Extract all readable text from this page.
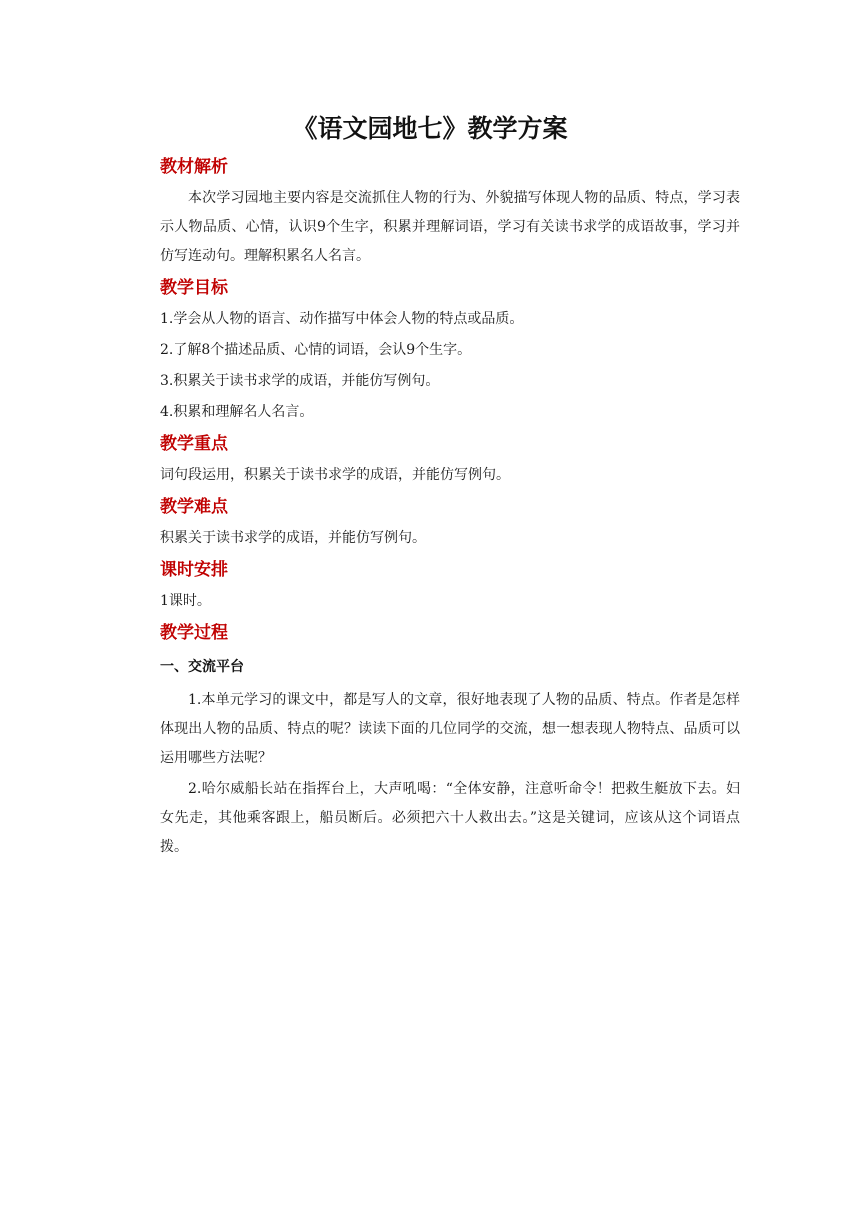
《语文园地七》教学方案
教材解析

本次学习园地主要内容是交流抓住人物的行为、外貌描写体现人物的品质、特点，学习表示人物品质、心情，认识9个生字，积累并理解词语，学习有关读书求学的成语故事，学习并仿写连动句。理解积累名人名言。

教学目标
1.学会从人物的语言、动作描写中体会人物的特点或品质。
2.了解8个描述品质、心情的词语，会认9个生字。
3.积累关于读书求学的成语，并能仿写例句。
4.积累和理解名人名言。
教学重点
词句段运用，积累关于读书求学的成语，并能仿写例句。
教学难点
积累关于读书求学的成语，并能仿写例句。
课时安排
1课时。
教学过程
一、交流平台

1.本单元学习的课文中，都是写人的文章，很好地表现了人物的品质、特点。作者是怎样体现出人物的品质、特点的呢？读读下面的几位同学的交流，想一想表现人物特点、品质可以运用哪些方法呢？

2.哈尔威船长站在指挥台上，大声吼喝：“全体安静，注意听命令！把救生艇放下去。妇女先走，其他乘客跟上，船员断后。必须把六十人救出去。”这是关键词，应该从这个词语点拨。
